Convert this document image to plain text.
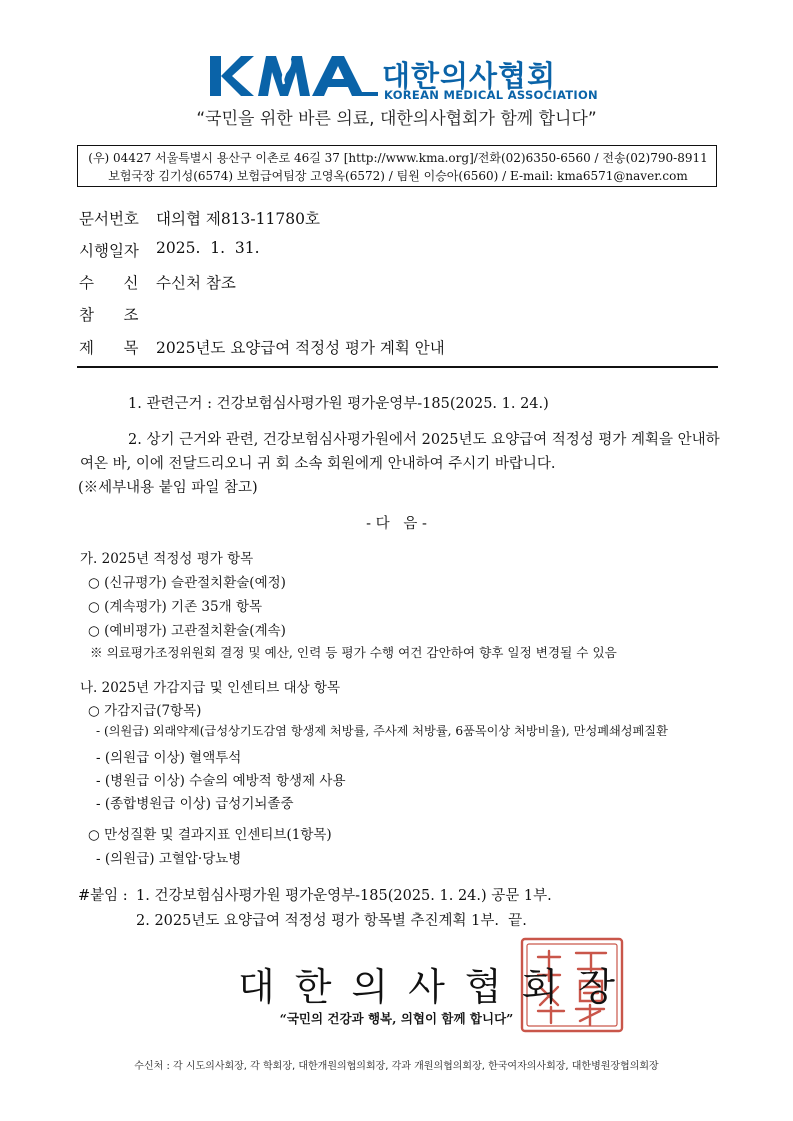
대한의사협회
KOREAN MEDICAL ASSOCIATION
“국민을 위한 바른 의료, 대한의사협회가 함께 합니다”
(우) 04427 서울특별시 용산구 이촌로 46길 37 [http://www.kma.org]/전화(02)6350-6560 / 전송(02)790-8911
보험국장 김기성(6574) 보험급여팀장 고영옥(6572) / 팀원 이승아(6560) / E-mail: kma6571@naver.com
문서번호 대의협 제813-11780호
시행일자 2025.  1.  31.
수      신 수신처 참조
참      조
제      목 2025년도 요양급여 적정성 평가 계획 안내
1. 관련근거 : 건강보험심사평가원 평가운영부-185(2025. 1. 24.)
2. 상기 근거와 관련, 건강보험심사평가원에서 2025년도 요양급여 적정성 평가 계획을 안내하
여온 바, 이에 전달드리오니 귀 회 소속 회원에게 안내하여 주시기 바랍니다.
(※세부내용 붙임 파일 참고)
- 다   음 -
가. 2025년 적정성 평가 항목
○ (신규평가) 슬관절치환술(예정)
○ (계속평가) 기존 35개 항목
○ (예비평가) 고관절치환술(계속)
※ 의료평가조정위원회 결정 및 예산, 인력 등 평가 수행 여건 감안하여 향후 일정 변경될 수 있음
나. 2025년 가감지급 및 인센티브 대상 항목
○ 가감지급(7항목)
- (의원급) 외래약제(급성상기도감염 항생제 처방률, 주사제 처방률, 6품목이상 처방비율), 만성폐쇄성폐질환
- (의원급 이상) 혈액투석
- (병원급 이상) 수술의 예방적 항생제 사용
- (종합병원급 이상) 급성기뇌졸중
○ 만성질환 및 결과지표 인센티브(1항목)
- (의원급) 고혈압·당뇨병
#붙임 : 1. 건강보험심사평가원 평가운영부-185(2025. 1. 24.) 공문 1부.
2. 2025년도 요양급여 적정성 평가 항목별 추진계획 1부.  끝.
대한의사협회장
“국민의 건강과 행복, 의협이 함께 합니다”
수신처 : 각 시도의사회장, 각 학회장, 대한개원의협의회장, 각과 개원의협의회장, 한국여자의사회장, 대한병원장협의회장
